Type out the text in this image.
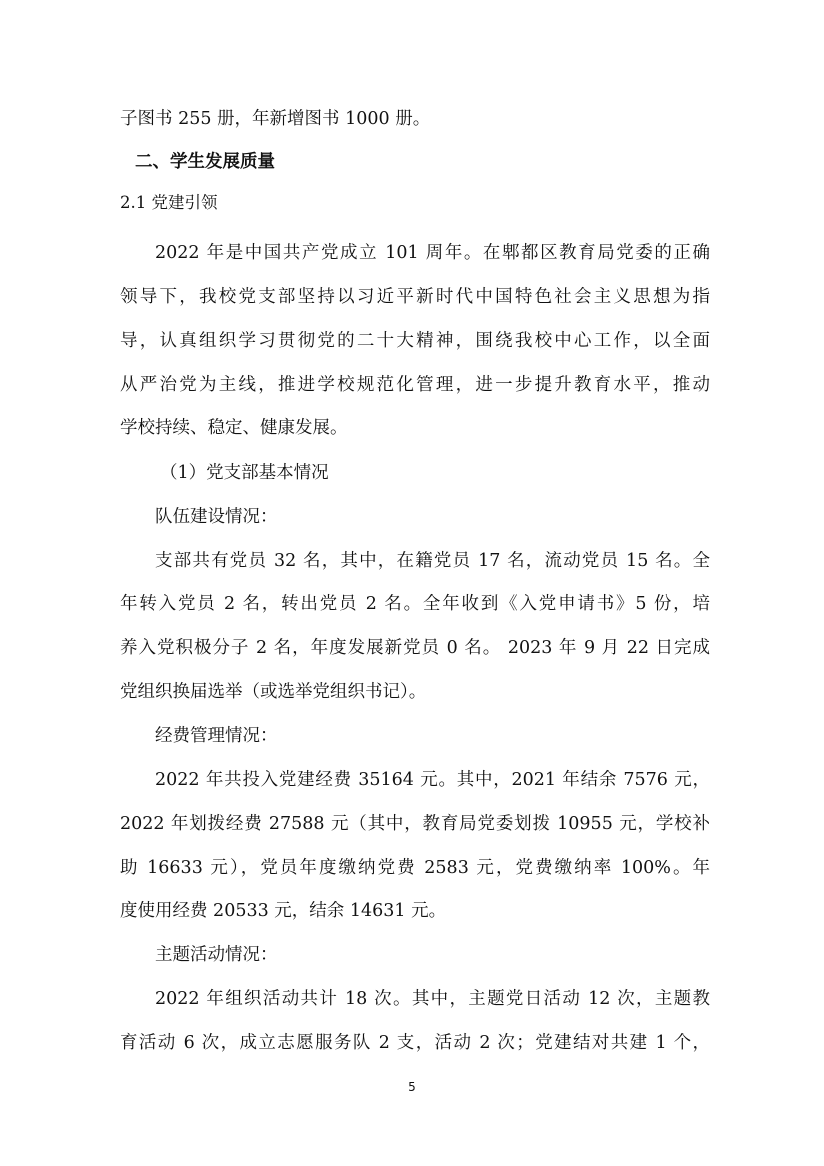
子图书 255 册，年新增图书 1000 册。
二、学生发展质量
2.1 党建引领
2022 年是中国共产党成立 101 周年。在郫都区教育局党委的正确
领导下，我校党支部坚持以习近平新时代中国特色社会主义思想为指
导，认真组织学习贯彻党的二十大精神，围绕我校中心工作，以全面
从严治党为主线，推进学校规范化管理，进一步提升教育水平，推动
学校持续、稳定、健康发展。
（1）党支部基本情况
队伍建设情况：
支部共有党员 32 名，其中，在籍党员 17 名，流动党员 15 名。全
年转入党员 2 名，转出党员 2 名。全年收到《入党申请书》5 份，培
养入党积极分子 2 名，年度发展新党员 0 名。 2023 年 9 月 22 日完成
党组织换届选举（或选举党组织书记）。
经费管理情况：
2022 年共投入党建经费 35164 元。其中，2021 年结余 7576 元，
2022 年划拨经费 27588 元（其中，教育局党委划拨 10955 元，学校补
助 16633 元），党员年度缴纳党费 2583 元，党费缴纳率 100%。年
度使用经费 20533 元，结余 14631 元。
主题活动情况：
2022 年组织活动共计 18 次。其中，主题党日活动 12 次，主题教
育活动 6 次，成立志愿服务队 2 支，活动 2 次；党建结对共建 1 个，
5
